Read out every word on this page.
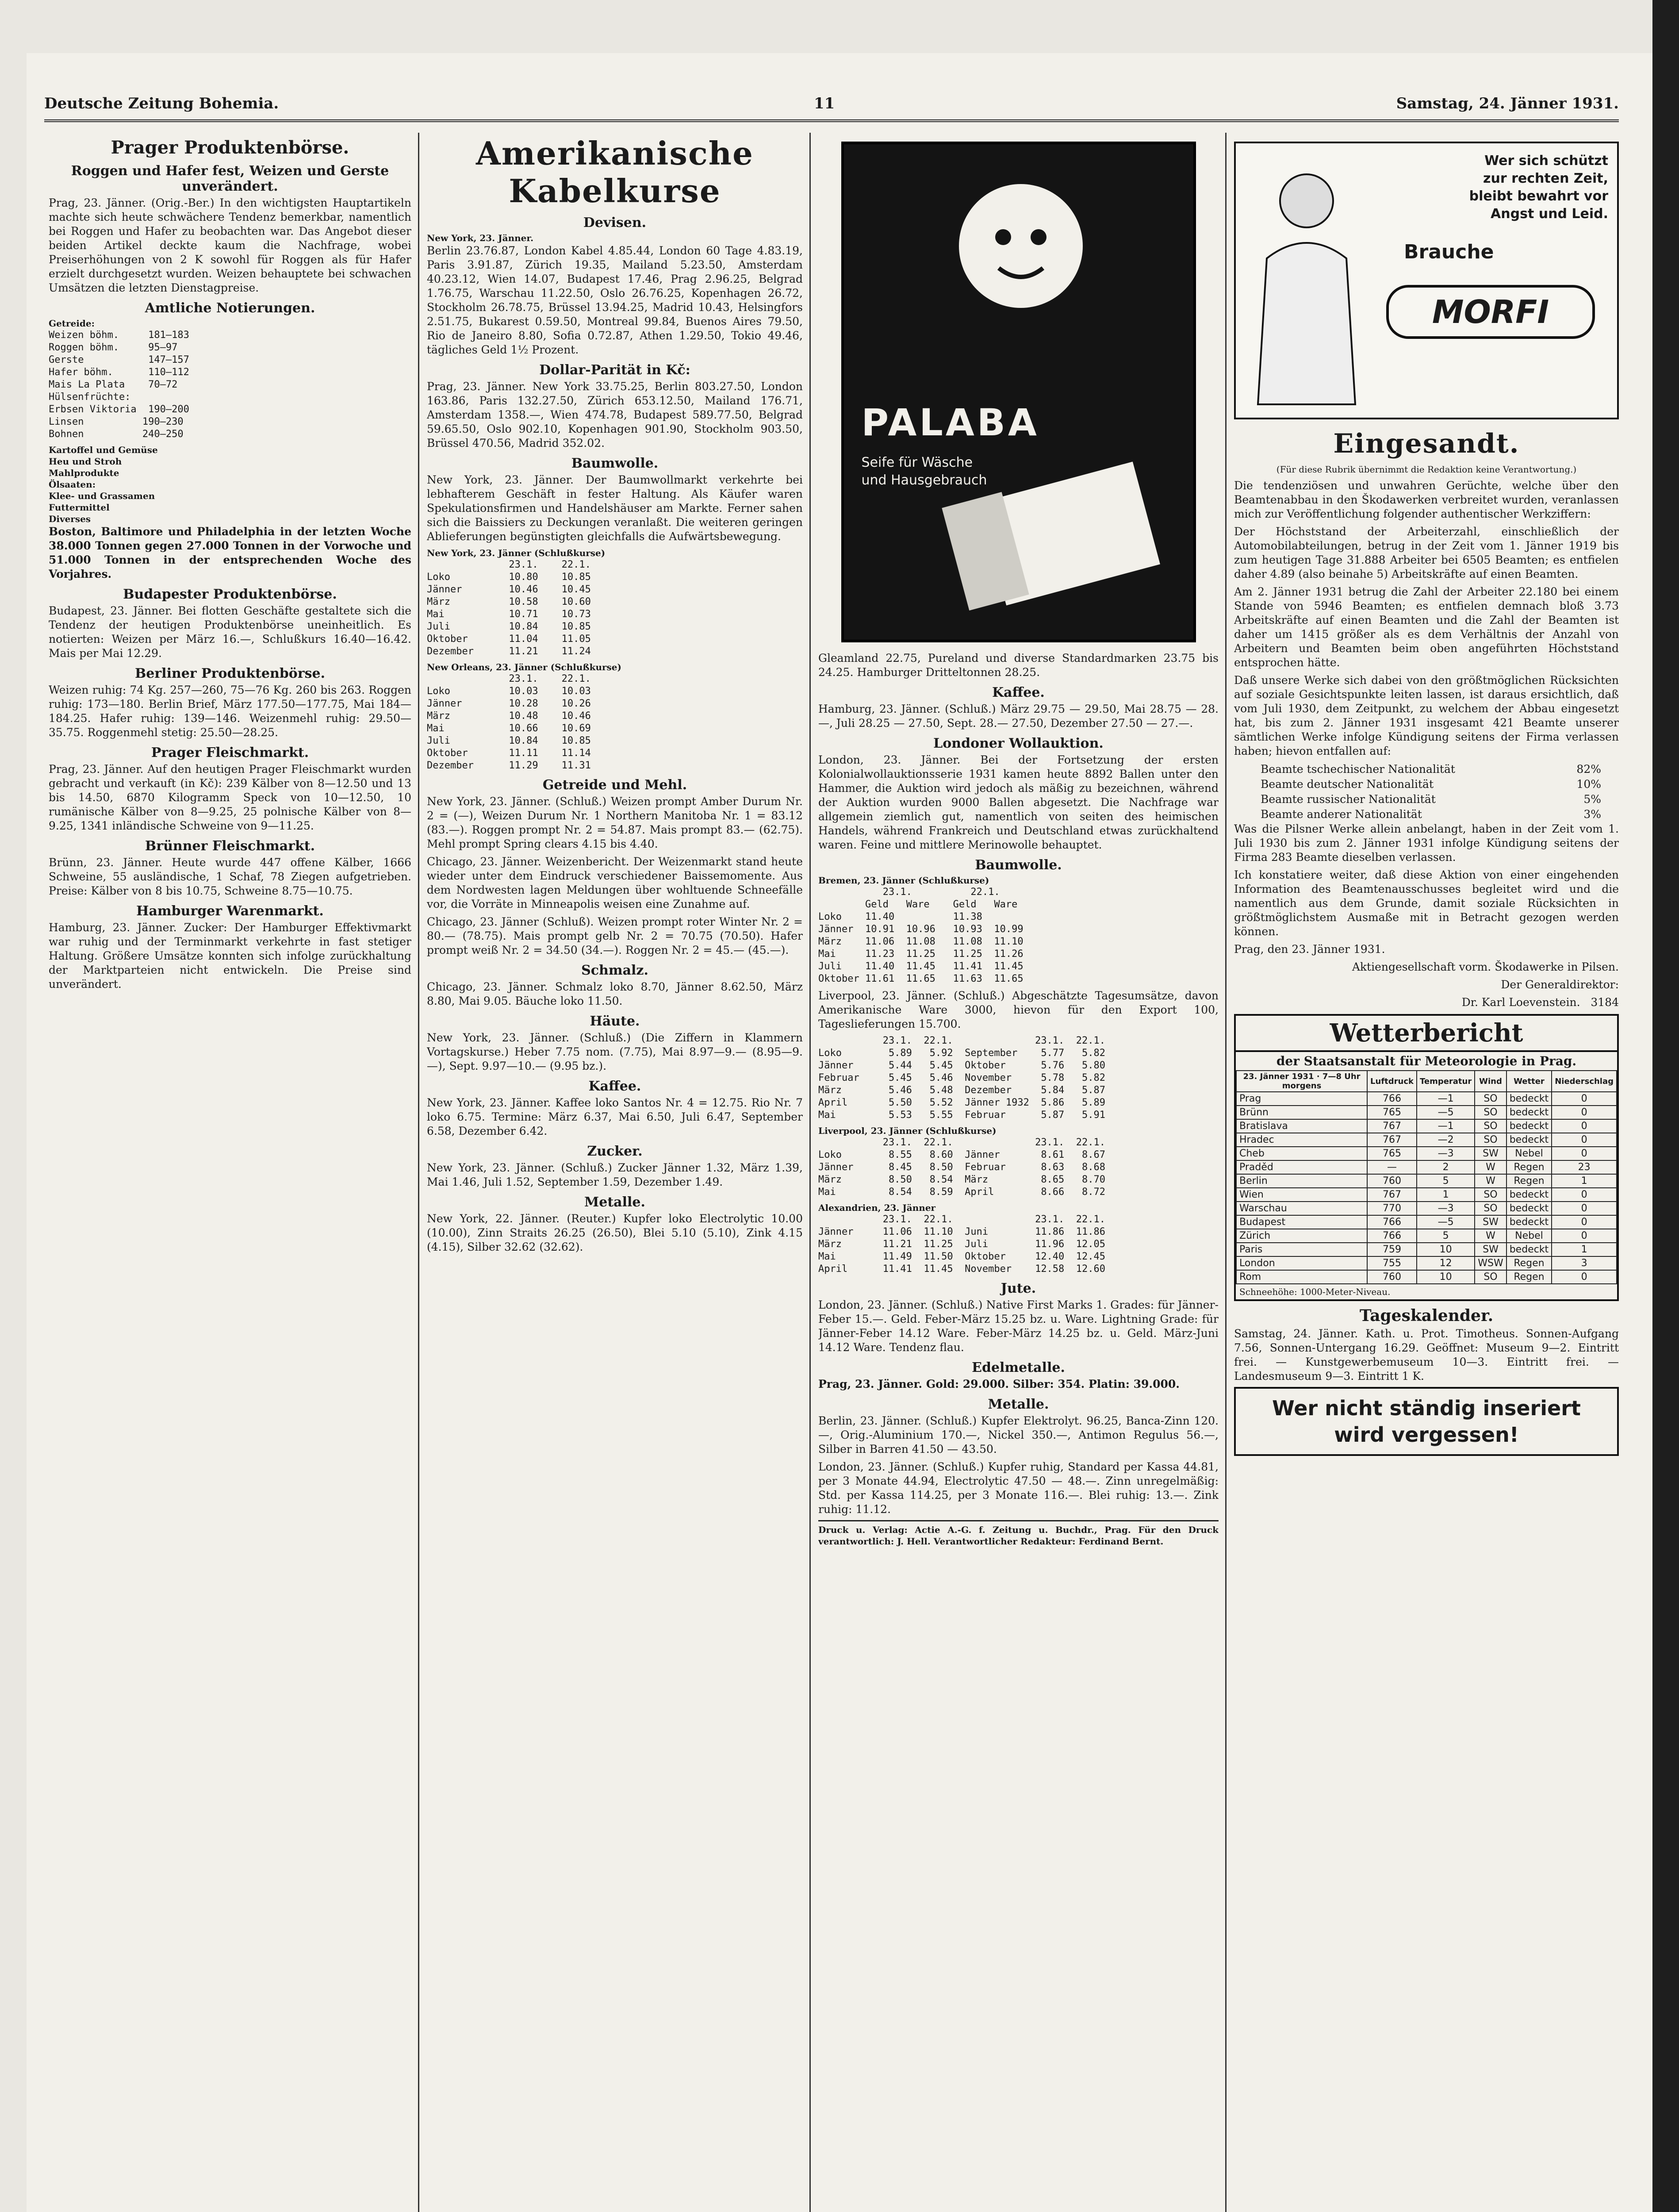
Deutsche Zeitung Bohemia.	11	Samstag, 24. Jänner 1931.
Prager Produktenbörse.
Roggen und Hafer fest, Weizen und Gerste unverändert.

Prag, 23. Jänner. (Orig.-Ber.) In den wichtigsten Hauptartikeln machte sich heute schwächere Tendenz bemerkbar, namentlich bei Roggen und Hafer zu beobachten war. Das Angebot dieser beiden Artikel deckte kaum die Nachfrage, wobei Preiserhöhungen von 2 K sowohl für Roggen als für Hafer erzielt durchgesetzt wurden. Weizen behauptete bei schwachen Umsätzen die letzten Dienstagpreise.

Amtliche Notierungen.
Getreide:
Weizen böhm.     181—183
Roggen böhm.     95—97
Gerste           147—157
Hafer böhm.      110—112
Mais La Plata    70—72
Hülsenfrüchte:
Erbsen Viktoria  190—200
Linsen          190—230
Bohnen          240—250
Kartoffel und Gemüse
Heu und Stroh
Mahlprodukte
Ölsaaten:
Klee- und Grassamen
Futtermittel
Diverses

Boston, Baltimore und Philadelphia in der letzten Woche 38.000 Tonnen gegen 27.000 Tonnen in der Vorwoche und 51.000 Tonnen in der entsprechenden Woche des Vorjahres.

Budapester Produktenbörse.

Budapest, 23. Jänner. Bei flotten Geschäfte gestaltete sich die Tendenz der heutigen Produktenbörse uneinheitlich. Es notierten: Weizen per März 16.—, Schlußkurs 16.40—16.42. Mais per Mai 12.29.

Berliner Produktenbörse.

Weizen ruhig: 74 Kg. 257—260, 75—76 Kg. 260 bis 263. Roggen ruhig: 173—180. Berlin Brief, März 177.50—177.75, Mai 184—184.25. Hafer ruhig: 139—146. Weizenmehl ruhig: 29.50—35.75. Roggenmehl stetig: 25.50—28.25.

Prager Fleischmarkt.

Prag, 23. Jänner. Auf den heutigen Prager Fleischmarkt wurden gebracht und verkauft (in Kč): 239 Kälber von 8—12.50 und 13 bis 14.50, 6870 Kilogramm Speck von 10—12.50, 10 rumänische Kälber von 8—9.25, 25 polnische Kälber von 8—9.25, 1341 inländische Schweine von 9—11.25.

Brünner Fleischmarkt.

Brünn, 23. Jänner. Heute wurde 447 offene Kälber, 1666 Schweine, 55 ausländische, 1 Schaf, 78 Ziegen aufgetrieben. Preise: Kälber von 8 bis 10.75, Schweine 8.75—10.75.

Hamburger Warenmarkt.

Hamburg, 23. Jänner. Zucker: Der Hamburger Effektivmarkt war ruhig und der Terminmarkt verkehrte in fast stetiger Haltung. Größere Umsätze konnten sich infolge zurückhaltung der Marktparteien nicht entwickeln. Die Preise sind unverändert.

Amerikanische Kabelkurse
Devisen.
New York, 23. Jänner.

Berlin 23.76.87, London Kabel 4.85.44, London 60 Tage 4.83.19, Paris 3.91.87, Zürich 19.35, Mailand 5.23.50, Amsterdam 40.23.12, Wien 14.07, Budapest 17.46, Prag 2.96.25, Belgrad 1.76.75, Warschau 11.22.50, Oslo 26.76.25, Kopenhagen 26.72, Stockholm 26.78.75, Brüssel 13.94.25, Madrid 10.43, Helsingfors 2.51.75, Bukarest 0.59.50, Montreal 99.84, Buenos Aires 79.50, Rio de Janeiro 8.80, Sofia 0.72.87, Athen 1.29.50, Tokio 49.46, tägliches Geld 1½ Prozent.

Dollar-Parität in Kč:

Prag, 23. Jänner. New York 33.75.25, Berlin 803.27.50, London 163.86, Paris 132.27.50, Zürich 653.12.50, Mailand 176.71, Amsterdam 1358.—, Wien 474.78, Budapest 589.77.50, Belgrad 59.65.50, Oslo 902.10, Kopenhagen 901.90, Stockholm 903.50, Brüssel 470.56, Madrid 352.02.

Baumwolle.

New York, 23. Jänner. Der Baumwollmarkt verkehrte bei lebhafterem Geschäft in fester Haltung. Als Käufer waren Spekulationsfirmen und Handelshäuser am Markte. Ferner sahen sich die Baissiers zu Deckungen veranlaßt. Die weiteren geringen Ablieferungen begünstigten gleichfalls die Aufwärtsbewegung.

New York, 23. Jänner (Schlußkurse)
23.1.    22.1.
Loko          10.80    10.85
Jänner        10.46    10.45
März          10.58    10.60
Mai           10.71    10.73
Juli          10.84    10.85
Oktober       11.04    11.05
Dezember      11.21    11.24
New Orleans, 23. Jänner (Schlußkurse)
23.1.    22.1.
Loko          10.03    10.03
Jänner        10.28    10.26
März          10.48    10.46
Mai           10.66    10.69
Juli          10.84    10.85
Oktober       11.11    11.14
Dezember      11.29    11.31
Getreide und Mehl.

New York, 23. Jänner. (Schluß.) Weizen prompt Amber Durum Nr. 2 = (—), Weizen Durum Nr. 1 Northern Manitoba Nr. 1 = 83.12 (83.—). Roggen prompt Nr. 2 = 54.87. Mais prompt 83.— (62.75). Mehl prompt Spring clears 4.15 bis 4.40.

Chicago, 23. Jänner. Weizenbericht. Der Weizenmarkt stand heute wieder unter dem Eindruck verschiedener Baissemomente. Aus dem Nordwesten lagen Meldungen über wohltuende Schneefälle vor, die Vorräte in Minneapolis weisen eine Zunahme auf.

Chicago, 23. Jänner (Schluß). Weizen prompt roter Winter Nr. 2 = 80.— (78.75). Mais prompt gelb Nr. 2 = 70.75 (70.50). Hafer prompt weiß Nr. 2 = 34.50 (34.—). Roggen Nr. 2 = 45.— (45.—).

Schmalz.

Chicago, 23. Jänner. Schmalz loko 8.70, Jänner 8.62.50, März 8.80, Mai 9.05. Bäuche loko 11.50.

Häute.

New York, 23. Jänner. (Schluß.) (Die Ziffern in Klammern Vortagskurse.) Heber 7.75 nom. (7.75), Mai 8.97—9.— (8.95—9.—), Sept. 9.97—10.— (9.95 bz.).

Kaffee.

New York, 23. Jänner. Kaffee loko Santos Nr. 4 = 12.75. Rio Nr. 7 loko 6.75. Termine: März 6.37, Mai 6.50, Juli 6.47, September 6.58, Dezember 6.42.

Zucker.

New York, 23. Jänner. (Schluß.) Zucker Jänner 1.32, März 1.39, Mai 1.46, Juli 1.52, September 1.59, Dezember 1.49.

Metalle.

New York, 22. Jänner. (Reuter.) Kupfer loko Electrolytic 10.00 (10.00), Zinn Straits 26.25 (26.50), Blei 5.10 (5.10), Zink 4.15 (4.15), Silber 32.62 (32.62).

PALABA
Seife für Wäsche und Hausgebrauch

Gleamland 22.75, Pureland und diverse Standardmarken 23.75 bis 24.25. Hamburger Dritteltonnen 28.25.

Kaffee.

Hamburg, 23. Jänner. (Schluß.) März 29.75 — 29.50, Mai 28.75 — 28.—, Juli 28.25 — 27.50, Sept. 28.— 27.50, Dezember 27.50 — 27.—.

Londoner Wollauktion.

London, 23. Jänner. Bei der Fortsetzung der ersten Kolonialwollauktionsserie 1931 kamen heute 8892 Ballen unter den Hammer, die Auktion wird jedoch als mäßig zu bezeichnen, während der Auktion wurden 9000 Ballen abgesetzt. Die Nachfrage war allgemein ziemlich gut, namentlich von seiten des heimischen Handels, während Frankreich und Deutschland etwas zurückhaltend waren. Feine und mittlere Merinowolle behauptet.

Baumwolle.
Bremen, 23. Jänner (Schlußkurse)
23.1.          22.1.
Geld   Ware    Geld   Ware
Loko    11.40          11.38
Jänner  10.91  10.96   10.93  10.99
März    11.06  11.08   11.08  11.10
Mai     11.23  11.25   11.25  11.26
Juli    11.40  11.45   11.41  11.45
Oktober 11.61  11.65   11.63  11.65

Liverpool, 23. Jänner. (Schluß.) Abgeschätzte Tagesumsätze, davon Amerikanische Ware 3000, hievon für den Export 100, Tageslieferungen 15.700.

23.1.  22.1.              23.1.  22.1.
Loko        5.89   5.92  September    5.77   5.82
Jänner      5.44   5.45  Oktober      5.76   5.80
Februar     5.45   5.46  November     5.78   5.82
März        5.46   5.48  Dezember     5.84   5.87
April       5.50   5.52  Jänner 1932  5.86   5.89
Mai         5.53   5.55  Februar      5.87   5.91
Liverpool, 23. Jänner (Schlußkurse)
23.1.  22.1.              23.1.  22.1.
Loko        8.55   8.60  Jänner       8.61   8.67
Jänner      8.45   8.50  Februar      8.63   8.68
März        8.50   8.54  März         8.65   8.70
Mai         8.54   8.59  April        8.66   8.72
Alexandrien, 23. Jänner
23.1.  22.1.              23.1.  22.1.
Jänner     11.06  11.10  Juni        11.86  11.86
März       11.21  11.25  Juli        11.96  12.05
Mai        11.49  11.50  Oktober     12.40  12.45
April      11.41  11.45  November    12.58  12.60
Jute.

London, 23. Jänner. (Schluß.) Native First Marks 1. Grades: für Jänner-Feber 15.—. Geld. Feber-März 15.25 bz. u. Ware. Lightning Grade: für Jänner-Feber 14.12 Ware. Feber-März 14.25 bz. u. Geld. März-Juni 14.12 Ware. Tendenz flau.

Edelmetalle.

Prag, 23. Jänner. Gold: 29.000. Silber: 354. Platin: 39.000.

Metalle.

Berlin, 23. Jänner. (Schluß.) Kupfer Elektrolyt. 96.25, Banca-Zinn 120.—, Orig.-Aluminium 170.—, Nickel 350.—, Antimon Regulus 56.—, Silber in Barren 41.50 — 43.50.

London, 23. Jänner. (Schluß.) Kupfer ruhig, Standard per Kassa 44.81, per 3 Monate 44.94, Electrolytic 47.50 — 48.—. Zinn unregelmäßig: Std. per Kassa 114.25, per 3 Monate 116.—. Blei ruhig: 13.—. Zink ruhig: 11.12.

Druck u. Verlag: Actie A.-G. f. Zeitung u. Buchdr., Prag. Für den Druck verantwortlich: J. Hell. Verantwortlicher Redakteur: Ferdinand Bernt.

Wer sich schützt
zur rechten Zeit,
bleibt bewahrt vor
Angst und Leid.
Brauche
MORFI
Eingesandt.

(Für diese Rubrik übernimmt die Redaktion keine Verantwortung.)

Die tendenziösen und unwahren Gerüchte, welche über den Beamtenabbau in den Škodawerken verbreitet wurden, veranlassen mich zur Veröffentlichung folgender authentischer Werkziffern:

Der Höchststand der Arbeiterzahl, einschließlich der Automobilabteilungen, betrug in der Zeit vom 1. Jänner 1919 bis zum heutigen Tage 31.888 Arbeiter bei 6505 Beamten; es entfielen daher 4.89 (also beinahe 5) Arbeitskräfte auf einen Beamten.

Am 2. Jänner 1931 betrug die Zahl der Arbeiter 22.180 bei einem Stande von 5946 Beamten; es entfielen demnach bloß 3.73 Arbeitskräfte auf einen Beamten und die Zahl der Beamten ist daher um 1415 größer als es dem Verhältnis der Anzahl von Arbeitern und Beamten beim oben angeführten Höchststand entsprochen hätte.

Daß unsere Werke sich dabei von den größtmöglichen Rücksichten auf soziale Gesichtspunkte leiten lassen, ist daraus ersichtlich, daß vom Juli 1930, dem Zeitpunkt, zu welchem der Abbau eingesetzt hat, bis zum 2. Jänner 1931 insgesamt 421 Beamte unserer sämtlichen Werke infolge Kündigung seitens der Firma verlassen haben; hievon entfallen auf:

Beamte tschechischer Nationalität	82%
Beamte deutscher Nationalität	10%
Beamte russischer Nationalität	5%
Beamte anderer Nationalität	3%

Was die Pilsner Werke allein anbelangt, haben in der Zeit vom 1. Juli 1930 bis zum 2. Jänner 1931 infolge Kündigung seitens der Firma 283 Beamte dieselben verlassen.

Ich konstatiere weiter, daß diese Aktion von einer eingehenden Information des Beamtenausschusses begleitet wird und die namentlich aus dem Grunde, damit soziale Rücksichten in größtmöglichstem Ausmaße mit in Betracht gezogen werden können.

Prag, den 23. Jänner 1931.

Aktiengesellschaft vorm. Škodawerke in Pilsen.

Der Generaldirektor:

Dr. Karl Loevenstein. 3184

Wetterbericht
der Staatsanstalt für Meteorologie in Prag.
23. Jänner 1931 · 7—8 Uhr morgens	Luftdruck	Temperatur	Wind	Wetter	Niederschlag
Prag	766	—1	SO	bedeckt	0
Brünn	765	—5	SO	bedeckt	0
Bratislava	767	—1	SO	bedeckt	0
Hradec	767	—2	SO	bedeckt	0
Cheb	765	—3	SW	Nebel	0
Praděd	—	2	W	Regen	23
Berlin	760	5	W	Regen	1
Wien	767	1	SO	bedeckt	0
Warschau	770	—3	SO	bedeckt	0
Budapest	766	—5	SW	bedeckt	0
Zürich	766	5	W	Nebel	0
Paris	759	10	SW	bedeckt	1
London	755	12	WSW	Regen	3
Rom	760	10	SO	Regen	0
Schneehöhe: 1000-Meter-Niveau.
Tageskalender.

Samstag, 24. Jänner. Kath. u. Prot. Timotheus. Sonnen-Aufgang 7.56, Sonnen-Untergang 16.29. Geöffnet: Museum 9—2. Eintritt frei. — Kunstgewerbemuseum 10—3. Eintritt frei. — Landesmuseum 9—3. Eintritt 1 K.

Wer nicht ständig inseriert
wird vergessen!
